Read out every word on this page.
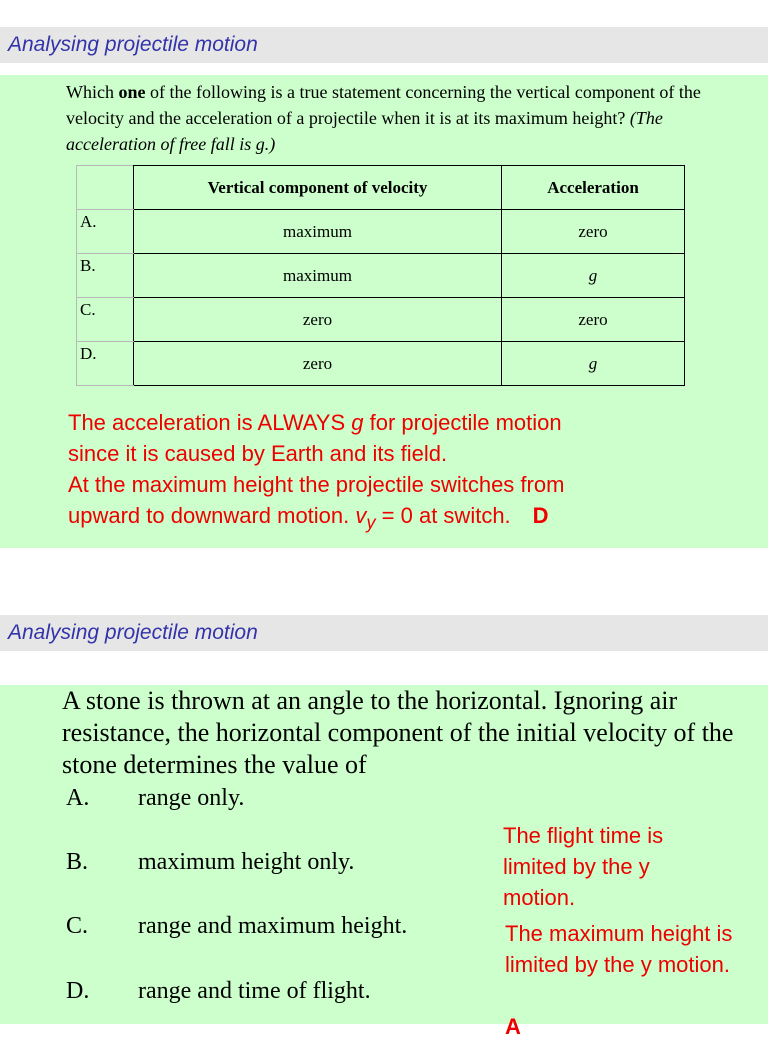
Analysing projectile motion
Which one of the following is a true statement concerning the vertical component of the velocity and the acceleration of a projectile when it is at its maximum height? (The acceleration of free fall is g.)
	Vertical component of velocity	Acceleration
A.	maximum	zero
B.	maximum	g
C.	zero	zero
D.	zero	g
The acceleration is ALWAYS g for projectile motion
since it is caused by Earth and its field.
At the maximum height the projectile switches from
upward to downward motion. $v_y = 0$ at switch. D
Analysing projectile motion
A stone is thrown at an angle to the horizontal. Ignoring air resistance, the horizontal component of the initial velocity of the stone determines the value of
A. range only.
B. maximum height only.
C. range and maximum height.
D. range and time of flight.
The flight time is limited by the y motion.
The maximum height is limited by the y motion.
A
